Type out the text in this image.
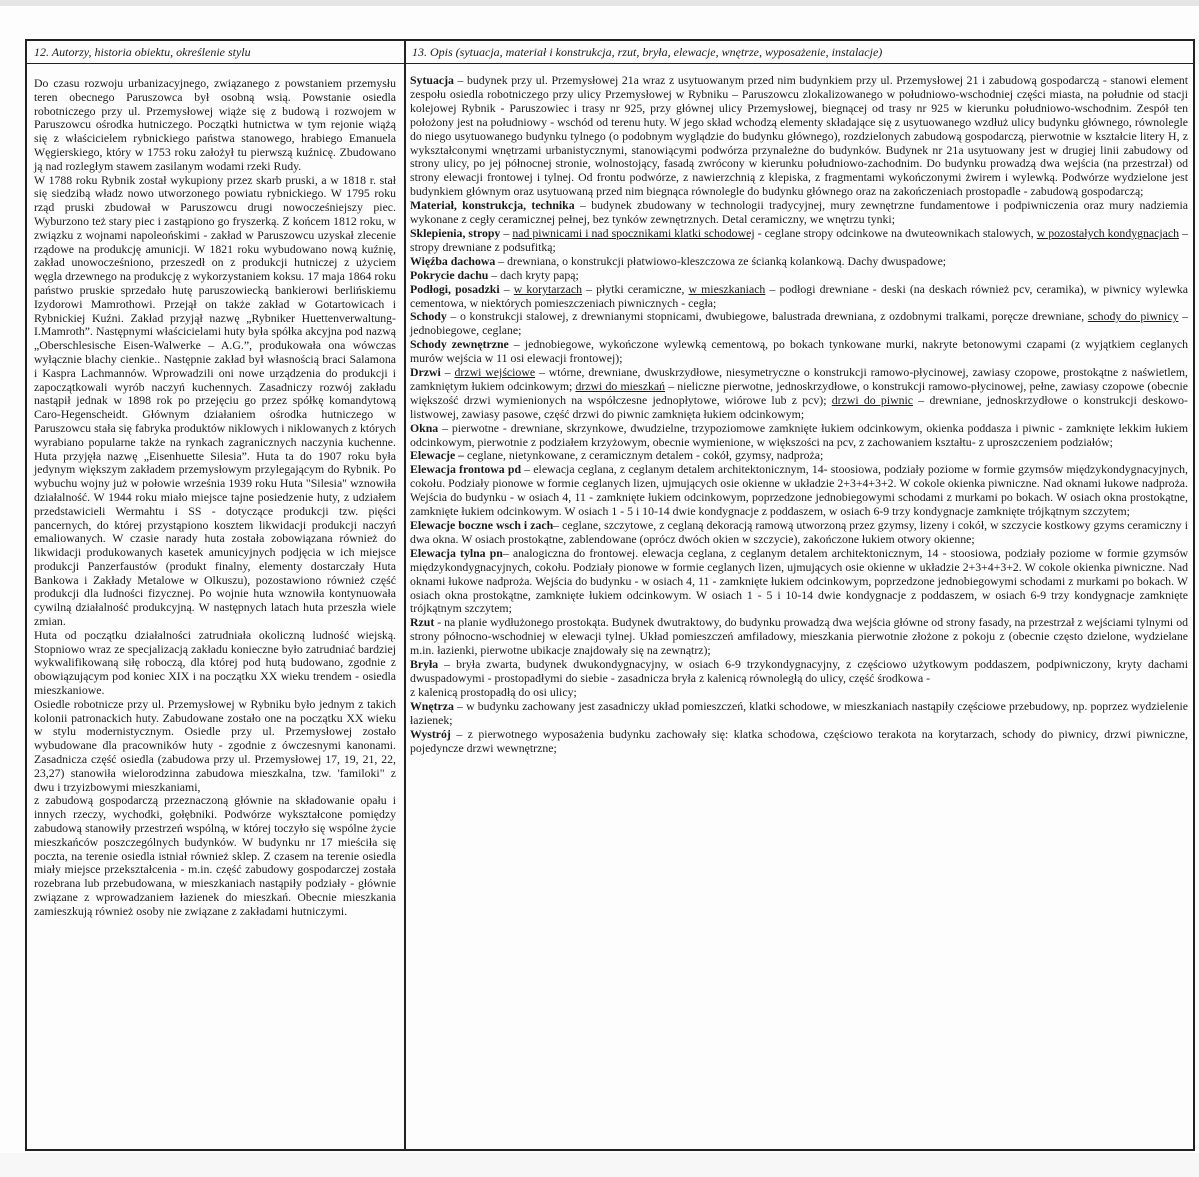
12. Autorzy, historia obiektu, określenie stylu	13. Opis (sytuacja, materiał i konstrukcja, rzut, bryła, elewacje, wnętrze, wyposażenie, instalacje)

Do czasu rozwoju urbanizacyjnego, związanego z powstaniem przemysłu teren obecnego Paruszowca był osobną wsią. Powstanie osiedla robotniczego przy ul. Przemysłowej wiąże się z budową i rozwojem w Paruszowcu ośrodka hutniczego. Początki hutnictwa w tym rejonie wiążą się z właścicielem rybnickiego państwa stanowego, hrabiego Emanuela Węgierskiego, który w 1753 roku założył tu pierwszą kuźnicę. Zbudowano ją nad rozległym stawem zasilanym wodami rzeki Rudy.

W 1788 roku Rybnik został wykupiony przez skarb pruski, a w 1818 r. stał się siedzibą władz nowo utworzonego powiatu rybnickiego. W 1795 roku rząd pruski zbudował w Paruszowcu drugi nowocześniejszy piec. Wyburzono też stary piec i zastąpiono go fryszerką. Z końcem 1812 roku, w związku z wojnami napoleońskimi - zakład w Paruszowcu uzyskał zlecenie rządowe na produkcję amunicji. W 1821 roku wybudowano nową kuźnię, zakład unowocześniono, przeszedł on z produkcji hutniczej z użyciem węgla drzewnego na produkcję z wykorzystaniem koksu. 17 maja 1864 roku państwo pruskie sprzedało hutę paruszowiecką bankierowi berlińskiemu Izydorowi Mamrothowi. Przejął on także zakład w Gotartowicach i Rybnickiej Kuźni. Zakład przyjął nazwę „Rybniker Huettenverwaltung- I.Mamroth”. Następnymi właścicielami huty była spółka akcyjna pod nazwą „Oberschlesische Eisen-Walwerke – A.G.”, produkowała ona wówczas wyłącznie blachy cienkie.. Następnie zakład był własnością braci Salamona i Kaspra Lachmannów. Wprowadzili oni nowe urządzenia do produkcji i zapoczątkowali wyrób naczyń kuchennych. Zasadniczy rozwój zakładu nastąpił jednak w 1898 rok po przejęciu go przez spółkę komandytową Caro-Hegenscheidt. Głównym działaniem ośrodka hutniczego w Paruszowcu stała się fabryka produktów niklowych i niklowanych z których wyrabiano popularne także na rynkach zagranicznych naczynia kuchenne. Huta przyjęła nazwę „Eisenhuette Silesia”. Huta ta do 1907 roku była jedynym większym zakładem przemysłowym przylegającym do Rybnik. Po wybuchu wojny już w połowie września 1939 roku Huta "Silesia" wznowiła działalność. W 1944 roku miało miejsce tajne posiedzenie huty, z udziałem przedstawicieli Wermahtu i SS - dotyczące produkcji tzw. pięści pancernych, do której przystąpiono kosztem likwidacji produkcji naczyń emaliowanych. W czasie narady huta została zobowiązana również do likwidacji produkowanych kasetek amunicyjnych podjęcia w ich miejsce produkcji Panzerfaustów (produkt finalny, elementy dostarczały Huta Bankowa i Zakłady Metalowe w Olkuszu), pozostawiono również część produkcji dla ludności fizycznej. Po wojnie huta wznowiła kontynuowała cywilną działalność produkcyjną. W następnych latach huta przeszła wiele zmian.

Huta od początku działalności zatrudniała okoliczną ludność wiejską. Stopniowo wraz ze specjalizacją zakładu konieczne było zatrudniać bardziej wykwalifikowaną siłę roboczą, dla której pod hutą budowano, zgodnie z obowiązującym pod koniec XIX i na początku XX wieku trendem - osiedla mieszkaniowe.

Osiedle robotnicze przy ul. Przemysłowej w Rybniku było jednym z takich kolonii patronackich huty. Zabudowane zostało one na początku XX wieku w stylu modernistycznym. Osiedle przy ul. Przemysłowej zostało wybudowane dla pracowników huty - zgodnie z ówczesnymi kanonami. Zasadnicza część osiedla (zabudowa przy ul. Przemysłowej 17, 19, 21, 22, 23,27) stanowiła wielorodzinna zabudowa mieszkalna, tzw. 'familoki" z dwu i trzyizbowymi mieszkaniami,

z zabudową gospodarczą przeznaczoną głównie na składowanie opału i innych rzeczy, wychodki, gołębniki. Podwórze wykształcone pomiędzy zabudową stanowiły przestrzeń wspólną, w której toczyło się wspólne życie mieszkańców poszczególnych budynków. W budynku nr 17 mieściła się poczta, na terenie osiedla istniał również sklep. Z czasem na terenie osiedla miały miejsce przekształcenia - m.in. część zabudowy gospodarczej została rozebrana lub przebudowana, w mieszkaniach nastąpiły podziały - głównie związane z wprowadzaniem łazienek do mieszkań. Obecnie mieszkania zamieszkują również osoby nie związane z zakładami hutniczymi.

Sytuacja – budynek przy ul. Przemysłowej 21a wraz z usytuowanym przed nim budynkiem przy ul. Przemysłowej 21 i zabudową gospodarczą - stanowi element zespołu osiedla robotniczego przy ulicy Przemysłowej w Rybniku – Paruszowcu zlokalizowanego w południowo-wschodniej części miasta, na południe od stacji kolejowej Rybnik - Paruszowiec i trasy nr 925, przy głównej ulicy Przemysłowej, biegnącej od trasy nr 925 w kierunku południowo-wschodnim. Zespół ten położony jest na południowy - wschód od terenu huty. W jego skład wchodzą elementy składające się z usytuowanego wzdłuż ulicy budynku głównego, równolegle do niego usytuowanego budynku tylnego (o podobnym wyglądzie do budynku głównego), rozdzielonych zabudową gospodarczą, pierwotnie w kształcie litery H, z wykształconymi wnętrzami urbanistycznymi, stanowiącymi podwórza przynależne do budynków. Budynek nr 21a usytuowany jest w drugiej linii zabudowy od strony ulicy, po jej północnej stronie, wolnostojący, fasadą zwrócony w kierunku południowo-zachodnim. Do budynku prowadzą dwa wejścia (na przestrzał) od strony elewacji frontowej i tylnej. Od frontu podwórze, z nawierzchnią z klepiska, z fragmentami wykończonymi żwirem i wylewką. Podwórze wydzielone jest budynkiem głównym oraz usytuowaną przed nim biegnąca równolegle do budynku głównego oraz na zakończeniach prostopadle - zabudową gospodarczą;

Materiał, konstrukcja, technika – budynek zbudowany w technologii tradycyjnej, mury zewnętrzne fundamentowe i podpiwniczenia oraz mury nadziemia wykonane z cegły ceramicznej pełnej, bez tynków zewnętrznych. Detal ceramiczny, we wnętrzu tynki;

Sklepienia, stropy – nad piwnicami i nad spocznikami klatki schodowej - ceglane stropy odcinkowe na dwuteownikach stalowych, w pozostałych kondygnacjach – stropy drewniane z podsufitką;

Więźba dachowa – drewniana, o konstrukcji płatwiowo-kleszczowa ze ścianką kolankową. Dachy dwuspadowe;

Pokrycie dachu – dach kryty papą;

Podłogi, posadzki – w korytarzach – płytki ceramiczne, w mieszkaniach – podłogi drewniane - deski (na deskach również pcv, ceramika), w piwnicy wylewka cementowa, w niektórych pomieszczeniach piwnicznych - cegła;

Schody – o konstrukcji stalowej, z drewnianymi stopnicami, dwubiegowe, balustrada drewniana, z ozdobnymi tralkami, poręcze drewniane, schody do piwnicy – jednobiegowe, ceglane;

Schody zewnętrzne – jednobiegowe, wykończone wylewką cementową, po bokach tynkowane murki, nakryte betonowymi czapami (z wyjątkiem ceglanych murów wejścia w 11 osi elewacji frontowej);

Drzwi – drzwi wejściowe – wtórne, drewniane, dwuskrzydłowe, niesymetryczne o konstrukcji ramowo-płycinowej, zawiasy czopowe, prostokątne z naświetlem, zamkniętym łukiem odcinkowym; drzwi do mieszkań – nieliczne pierwotne, jednoskrzydłowe, o konstrukcji ramowo-płycinowej, pełne, zawiasy czopowe (obecnie większość drzwi wymienionych na współczesne jednopłytowe, wiórowe lub z pcv); drzwi do piwnic – drewniane, jednoskrzydłowe o konstrukcji deskowo-listwowej, zawiasy pasowe, część drzwi do piwnic zamknięta łukiem odcinkowym;

Okna – pierwotne - drewniane, skrzynkowe, dwudzielne, trzypoziomowe zamknięte łukiem odcinkowym, okienka poddasza i piwnic - zamknięte lekkim łukiem odcinkowym, pierwotnie z podziałem krzyżowym, obecnie wymienione, w większości na pcv, z zachowaniem kształtu- z uproszczeniem podziałów;

Elewacje – ceglane, nietynkowane, z ceramicznym detalem - cokół, gzymsy, nadproża;

Elewacja frontowa pd – elewacja ceglana, z ceglanym detalem architektonicznym, 14- stoosiowa, podziały poziome w formie gzymsów międzykondygnacyjnych, cokołu. Podziały pionowe w formie ceglanych lizen, ujmujących osie okienne w układzie 2+3+4+3+2. W cokole okienka piwniczne. Nad oknami łukowe nadproża. Wejścia do budynku - w osiach 4, 11 - zamknięte łukiem odcinkowym, poprzedzone jednobiegowymi schodami z murkami po bokach. W osiach okna prostokątne, zamknięte łukiem odcinkowym. W osiach 1 - 5 i 10-14 dwie kondygnacje z poddaszem, w osiach 6-9 trzy kondygnacje zamknięte trójkątnym szczytem;

Elewacje boczne wsch i zach– ceglane, szczytowe, z ceglaną dekoracją ramową utworzoną przez gzymsy, lizeny i cokół, w szczycie kostkowy gzyms ceramiczny i dwa okna. W osiach prostokątne, zablendowane (oprócz dwóch okien w szczycie), zakończone łukiem otwory okienne;

Elewacja tylna pn– analogiczna do frontowej. elewacja ceglana, z ceglanym detalem architektonicznym, 14 - stoosiowa, podziały poziome w formie gzymsów międzykondygnacyjnych, cokołu. Podziały pionowe w formie ceglanych lizen, ujmujących osie okienne w układzie 2+3+4+3+2. W cokole okienka piwniczne. Nad oknami łukowe nadproża. Wejścia do budynku - w osiach 4, 11 - zamknięte łukiem odcinkowym, poprzedzone jednobiegowymi schodami z murkami po bokach. W osiach okna prostokątne, zamknięte łukiem odcinkowym. W osiach 1 - 5 i 10-14 dwie kondygnacje z poddaszem, w osiach 6-9 trzy kondygnacje zamknięte trójkątnym szczytem;

Rzut - na planie wydłużonego prostokąta. Budynek dwutraktowy, do budynku prowadzą dwa wejścia główne od strony fasady, na przestrzał z wejściami tylnymi od strony północno-wschodniej w elewacji tylnej. Układ pomieszczeń amfiladowy, mieszkania pierwotnie złożone z pokoju z (obecnie często dzielone, wydzielane m.in. łazienki, pierwotne ubikacje znajdowały się na zewnątrz);

Bryła – bryła zwarta, budynek dwukondygnacyjny, w osiach 6-9 trzykondygnacyjny, z częściowo użytkowym poddaszem, podpiwniczony, kryty dachami dwuspadowymi - prostopadłymi do siebie - zasadnicza bryła z kalenicą równoległą do ulicy, część środkowa -
z kalenicą prostopadłą do osi ulicy;

Wnętrza – w budynku zachowany jest zasadniczy układ pomieszczeń, klatki schodowe, w mieszkaniach nastąpiły częściowe przebudowy, np. poprzez wydzielenie łazienek;

Wystrój – z pierwotnego wyposażenia budynku zachowały się: klatka schodowa, częściowo terakota na korytarzach, schody do piwnicy, drzwi piwniczne, pojedyncze drzwi wewnętrzne;
